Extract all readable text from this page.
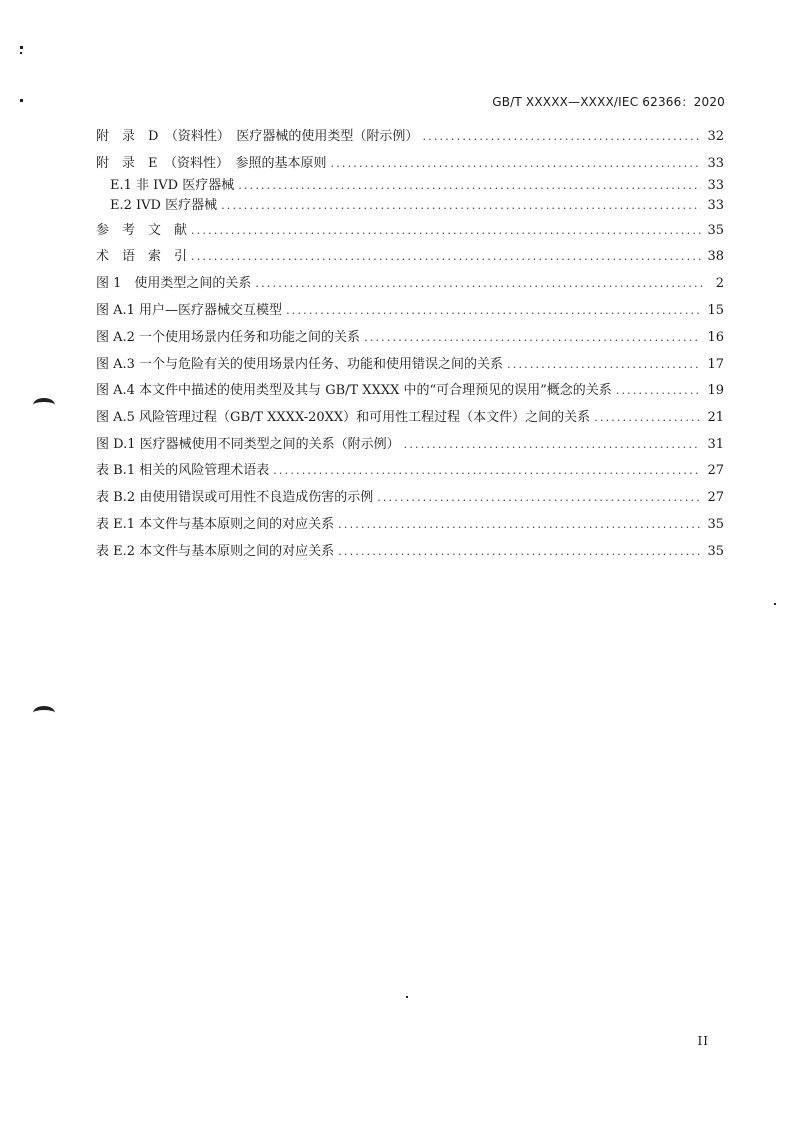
GB/T XXXXX—XXXX/IEC 62366：2020
附　录　D　（资料性）　医疗器械的使用类型（附示例） .....	32
附　录　E　（资料性）　参照的基本原则 .....	33
E.1 非 IVD 医疗器械 .....	33
E.2 IVD 医疗器械 .....	33
参　考　文　献 .....	35
术　语　索　引 .....	38
图 1　使用类型之间的关系 .....	2
图 A.1 用户—医疗器械交互模型 .....	15
图 A.2 一个使用场景内任务和功能之间的关系 .....	16
图 A.3 一个与危险有关的使用场景内任务、功能和使用错误之间的关系 .....	17
图 A.4 本文件中描述的使用类型及其与 GB/T XXXX 中的“可合理预见的误用”概念的关系 .....	19
图 A.5 风险管理过程（GB/T XXXX-20XX）和可用性工程过程（本文件）之间的关系 .....	21
图 D.1 医疗器械使用不同类型之间的关系（附示例） .....	31
表 B.1 相关的风险管理术语表 .....	27
表 B.2 由使用错误或可用性不良造成伤害的示例 .....	27
表 E.1 本文件与基本原则之间的对应关系 .....	35
表 E.2 本文件与基本原则之间的对应关系 .....	35
II
